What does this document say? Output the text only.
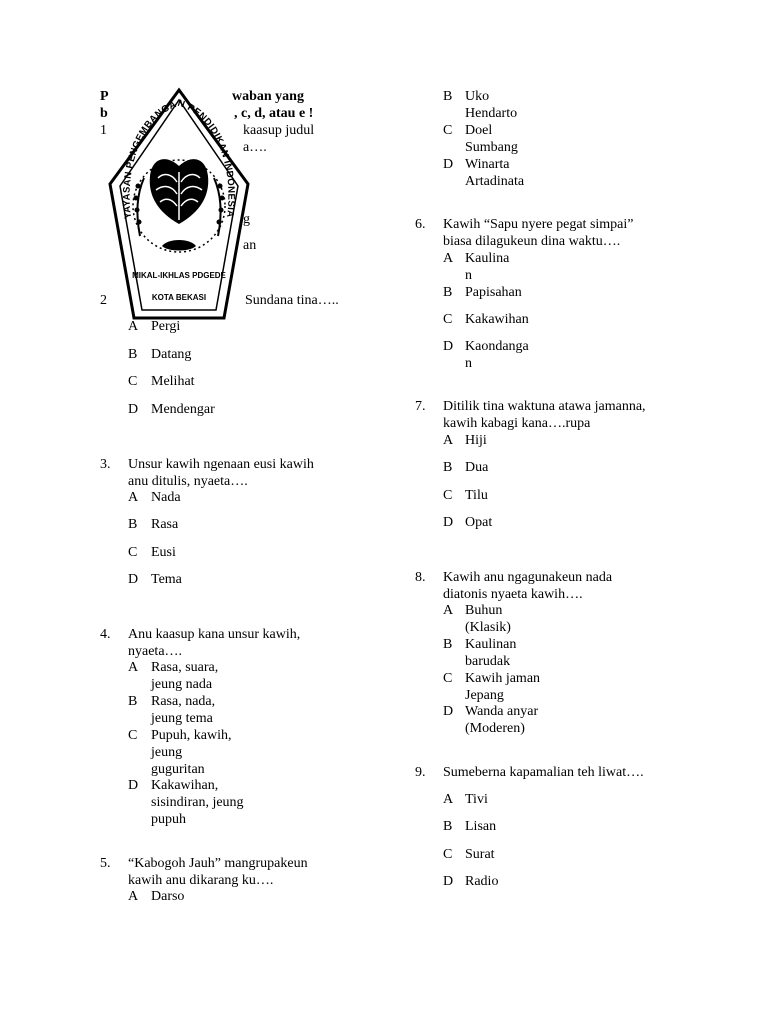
P	waban yang
b	, c, d, atau e !
1	kaasup judul
a….
g
an
2	Sundana tina…..
A Pergi
B Datang
C Melihat
D Mendengar
YAYASAN PENGEMBANGAN PENDIDIKAN INDONESIA
MIKAL-IKHLAS PDGEDE
KOTA BEKASI
3. Unsur kawih ngenaan eusi kawih
anu ditulis, nyaeta….
A Nada
B Rasa
C Eusi
D Tema
4. Anu kaasup kana unsur kawih,
nyaeta….
A Rasa, suara,
jeung nada
B Rasa, nada,
jeung tema
C Pupuh, kawih,
jeung
guguritan
D Kakawihan,
sisindiran, jeung
pupuh
5. “Kabogoh Jauh” mangrupakeun
kawih anu dikarang ku….
A Darso
B Uko
Hendarto
C Doel
Sumbang
D Winarta
Artadinata
6. Kawih “Sapu nyere pegat simpai”
biasa dilagukeun dina waktu….
A Kaulina
n
B Papisahan
C Kakawihan
D Kaondanga
n
7. Ditilik tina waktuna atawa jamanna,
kawih kabagi kana….rupa
A Hiji
B Dua
C Tilu
D Opat
8. Kawih anu ngagunakeun nada
diatonis nyaeta kawih….
A Buhun
(Klasik)
B Kaulinan
barudak
C Kawih jaman
Jepang
D Wanda anyar
(Moderen)
9. Sumeberna kapamalian teh liwat….
A Tivi
B Lisan
C Surat
D Radio
